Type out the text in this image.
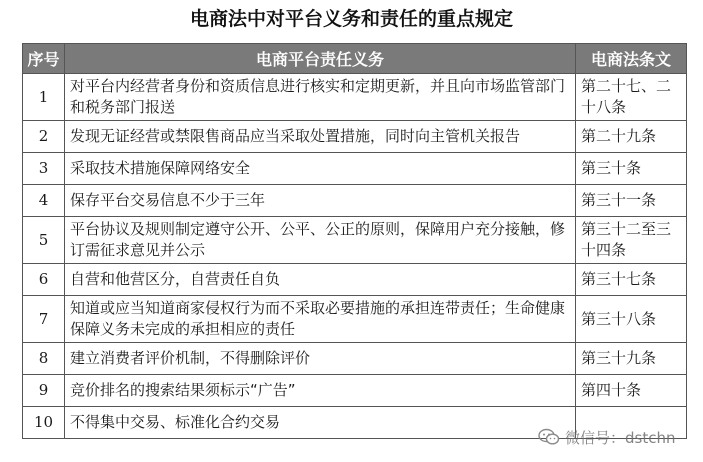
电商法中对平台义务和责任的重点规定
序号	电商平台责任义务	电商法条文
1	对平台内经营者身份和资质信息进行核实和定期更新，并且向市场监管部门和税务部门报送	第二十七、二十八条
2	发现无证经营或禁限售商品应当采取处置措施，同时向主管机关报告	第二十九条
3	采取技术措施保障网络安全	第三十条
4	保存平台交易信息不少于三年	第三十一条
5	平台协议及规则制定遵守公开、公平、公正的原则，保障用户充分接触，修订需征求意见并公示	第三十二至三十四条
6	自营和他营区分，自营责任自负	第三十七条
7	知道或应当知道商家侵权行为而不采取必要措施的承担连带责任；生命健康保障义务未完成的承担相应的责任	第三十八条
8	建立消费者评价机制，不得删除评价	第三十九条
9	竞价排名的搜索结果须标示“广告”	第四十条
10	不得集中交易、标准化合约交易	
微信号：dstchn
